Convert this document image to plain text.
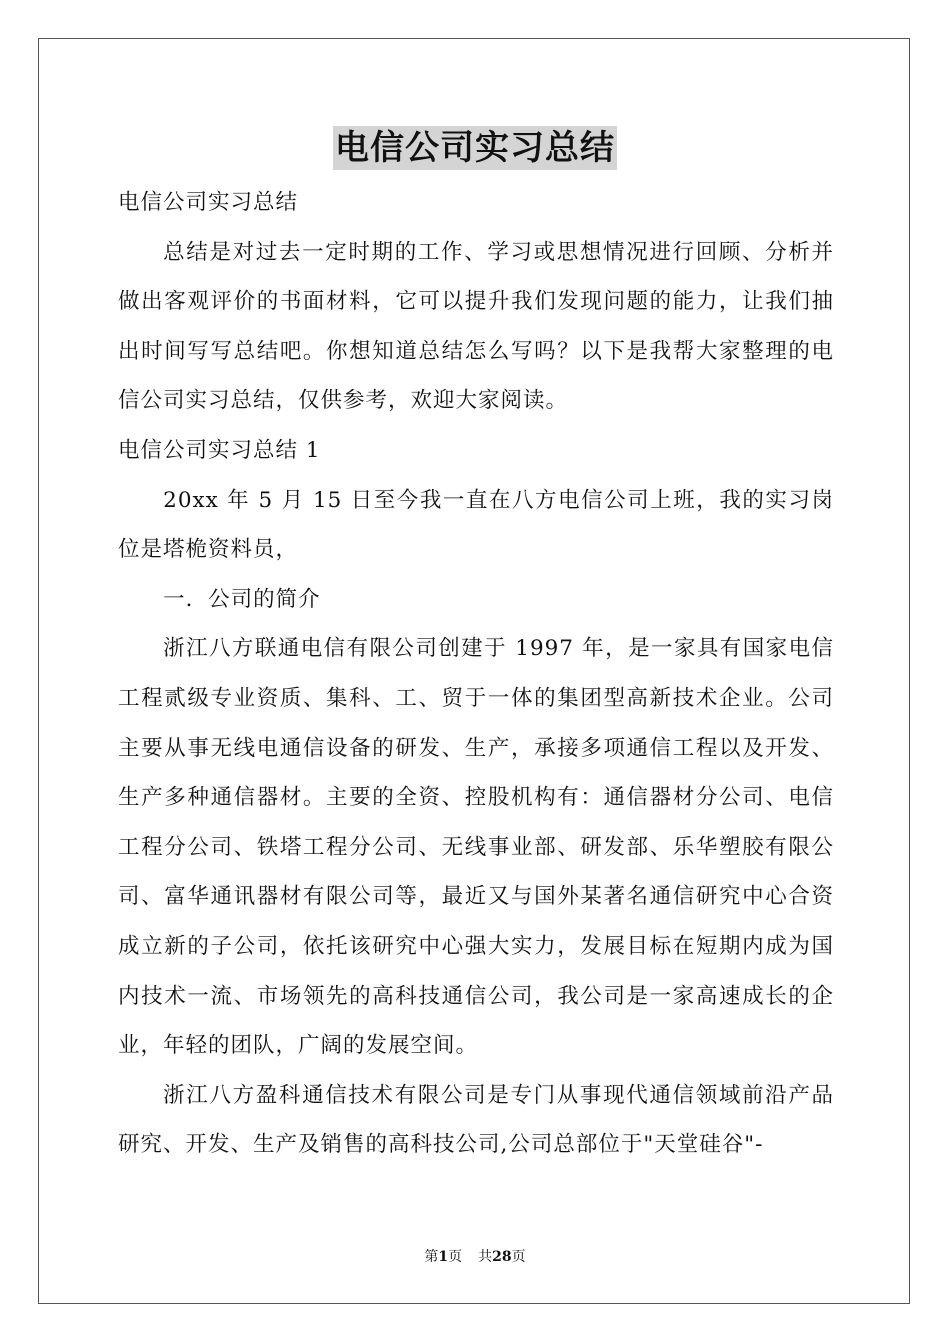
电信公司实习总结

电信公司实习总结

总结是对过去一定时期的工作、学习或思想情况进行回顾、分析并做出客观评价的书面材料，它可以提升我们发现问题的能力，让我们抽出时间写写总结吧。你想知道总结怎么写吗？以下是我帮大家整理的电信公司实习总结，仅供参考，欢迎大家阅读。

电信公司实习总结 1

20xx 年 5 月 15 日至今我一直在八方电信公司上班，我的实习岗位是塔桅资料员，

一．公司的简介

浙江八方联通电信有限公司创建于 1997 年，是一家具有国家电信工程贰级专业资质、集科、工、贸于一体的集团型高新技术企业。公司主要从事无线电通信设备的研发、生产，承接多项通信工程以及开发、生产多种通信器材。主要的全资、控股机构有：通信器材分公司、电信工程分公司、铁塔工程分公司、无线事业部、研发部、乐华塑胶有限公司、富华通讯器材有限公司等，最近又与国外某著名通信研究中心合资成立新的子公司，依托该研究中心强大实力，发展目标在短期内成为国内技术一流、市场领先的高科技通信公司，我公司是一家高速成长的企业，年轻的团队，广阔的发展空间。

浙江八方盈科通信技术有限公司是专门从事现代通信领域前沿产品研究、开发、生产及销售的高科技公司,公司总部位于"天堂硅谷"-

第1页 共28页
